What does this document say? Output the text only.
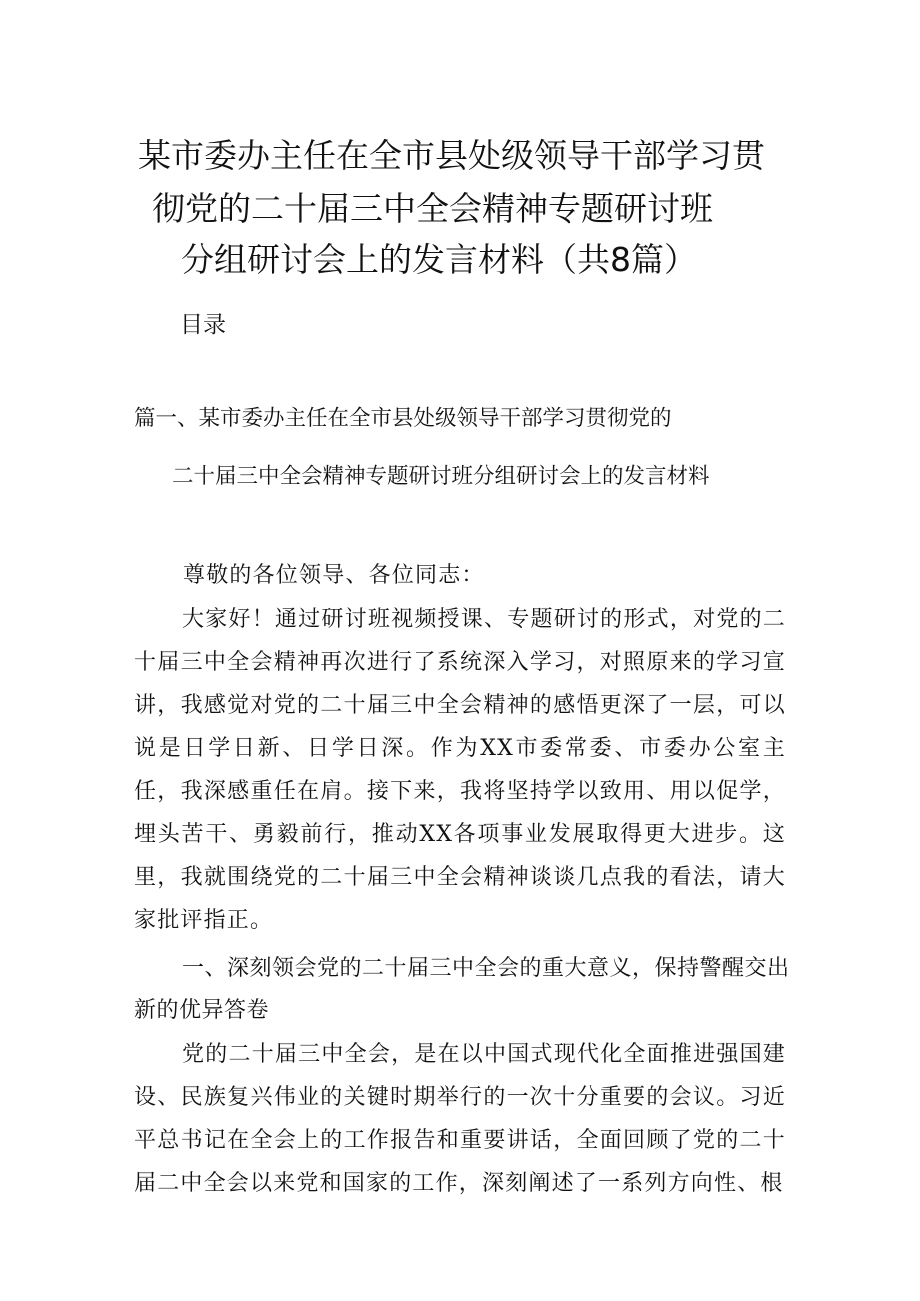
某市委办主任在全市县处级领导干部学习贯
彻党的二十届三中全会精神专题研讨班
分组研讨会上的发言材料（共8篇）
目录
篇一、某市委办主任在全市县处级领导干部学习贯彻党的
二十届三中全会精神专题研讨班分组研讨会上的发言材料
尊敬的各位领导、各位同志：
大家好！通过研讨班视频授课、专题研讨的形式，对党的二十届三中全会精神再次进行了系统深入学习，对照原来的学习宣讲，我感觉对党的二十届三中全会精神的感悟更深了一层，可以说是日学日新、日学日深。作为XX市委常委、市委办公室主任，我深感重任在肩。接下来，我将坚持学以致用、用以促学，埋头苦干、勇毅前行，推动XX各项事业发展取得更大进步。这里，我就围绕党的二十届三中全会精神谈谈几点我的看法，请大家批评指正。
一、深刻领会党的二十届三中全会的重大意义，保持警醒交出新的优异答卷
党的二十届三中全会，是在以中国式现代化全面推进强国建设、民族复兴伟业的关键时期举行的一次十分重要的会议。习近平总书记在全会上的工作报告和重要讲话，全面回顾了党的二十届二中全会以来党和国家的工作，深刻阐述了一系列方向性、根
